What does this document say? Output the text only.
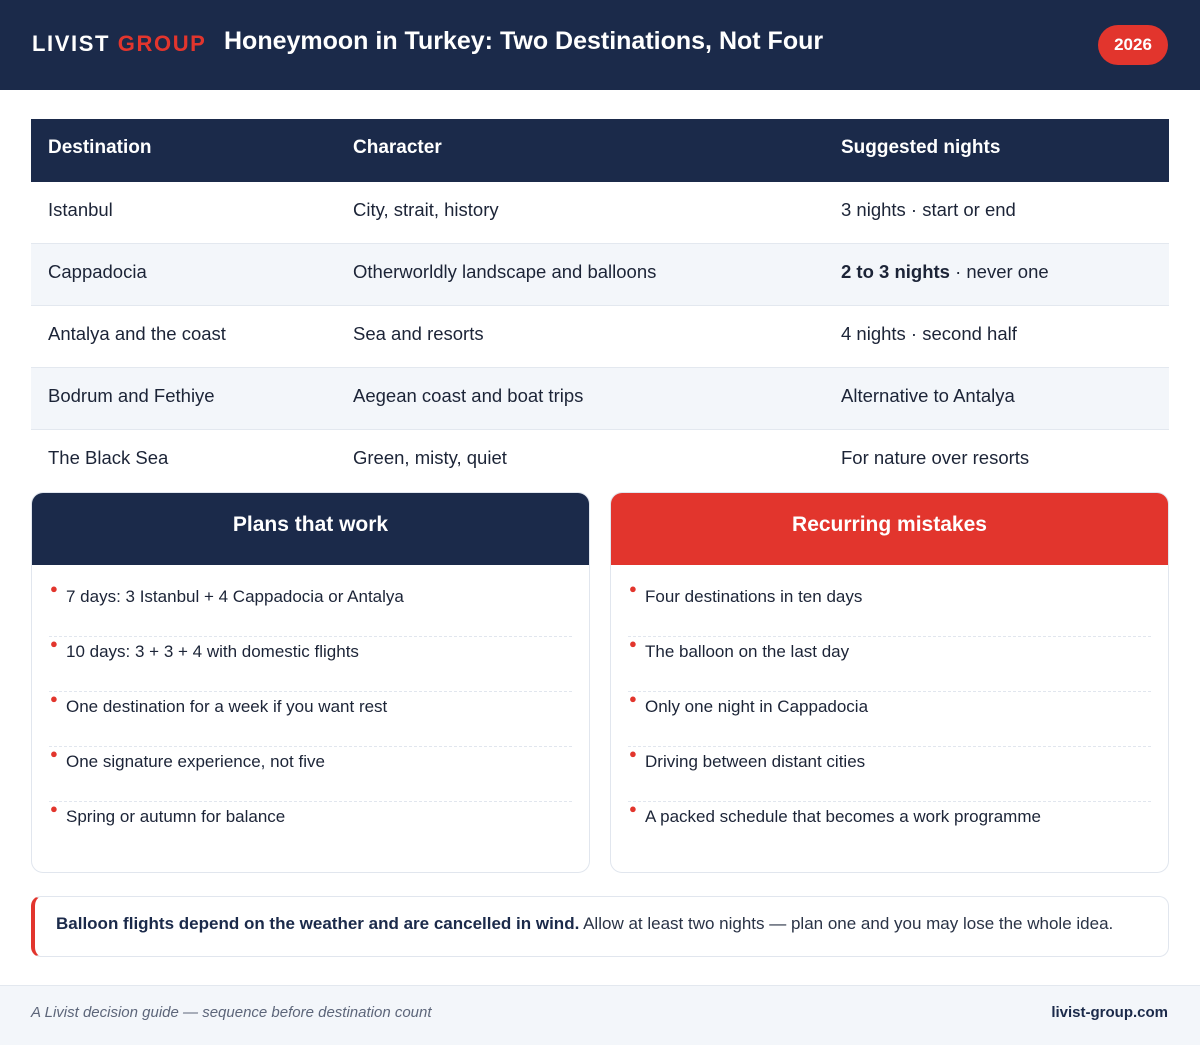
LIVIST GROUP Honeymoon in Turkey: Two Destinations, Not Four	2026
Destination	Character	Suggested nights
Istanbul	City, strait, history	3 nights · start or end
Cappadocia	Otherworldly landscape and balloons	2 to 3 nights · never one
Antalya and the coast	Sea and resorts	4 nights · second half
Bodrum and Fethiye	Aegean coast and boat trips	Alternative to Antalya
The Black Sea	Green, misty, quiet	For nature over resorts
Plans that work
● 7 days: 3 Istanbul + 4 Cappadocia or Antalya
● 10 days: 3 + 3 + 4 with domestic flights
● One destination for a week if you want rest
● One signature experience, not five
● Spring or autumn for balance
Recurring mistakes
● Four destinations in ten days
● The balloon on the last day
● Only one night in Cappadocia
● Driving between distant cities
● A packed schedule that becomes a work programme
Balloon flights depend on the weather and are cancelled in wind. Allow at least two nights — plan one and you may lose the whole idea.
A Livist decision guide — sequence before destination count	livist-group.com
